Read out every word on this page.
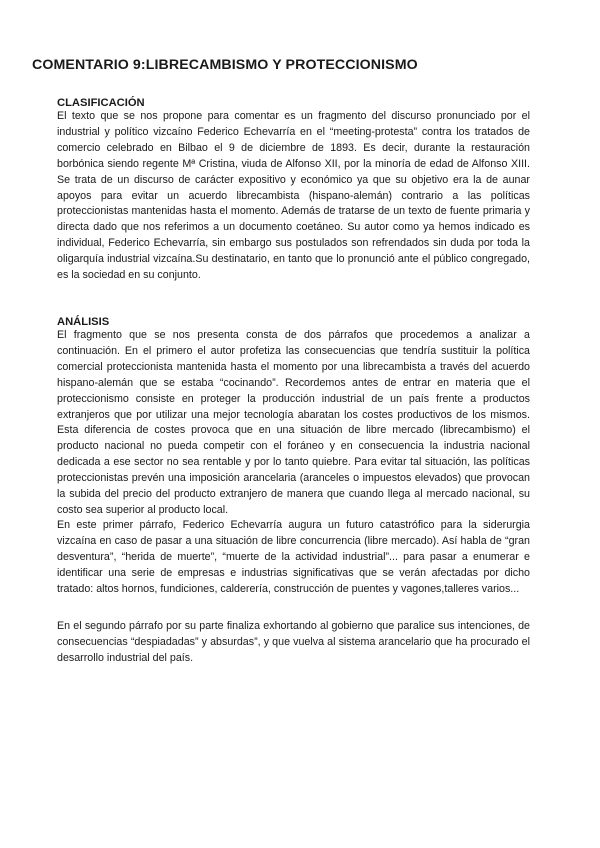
COMENTARIO 9:LIBRECAMBISMO Y PROTECCIONISMO
CLASIFICACIÓN

El texto que se nos propone para comentar es un fragmento del discurso pronunciado por el industrial y político vizcaíno Federico Echevarría en el “meeting-protesta” contra los tratados de comercio celebrado en Bilbao el 9 de diciembre de 1893. Es decir, durante la restauración borbónica siendo regente Mª Cristina, viuda de Alfonso XII, por la minoría de edad de Alfonso XIII. Se trata de un discurso de carácter expositivo y económico ya que su objetivo era la de aunar apoyos para evitar un acuerdo librecambista (hispano-alemán) contrario a las políticas proteccionistas mantenidas hasta el momento. Además de tratarse de un texto de fuente primaria y directa dado que nos referimos a un documento coetáneo. Su autor como ya hemos indicado es individual, Federico Echevarría, sin embargo sus postulados son refrendados sin duda por toda la oligarquía industrial vizcaína.Su destinatario, en tanto que lo pronunció ante el público congregado, es la sociedad en su conjunto.

ANÁLISIS

El fragmento que se nos presenta consta de dos párrafos que procedemos a analizar a continuación. En el primero el autor profetiza las consecuencias que tendría sustituir la política comercial proteccionista mantenida hasta el momento por una librecambista a través del acuerdo hispano-alemán que se estaba “cocinando”. Recordemos antes de entrar en materia que el proteccionismo consiste en proteger la producción industrial de un país frente a productos extranjeros que por utilizar una mejor tecnología abaratan los costes productivos de los mismos. Esta diferencia de costes provoca que en una situación de libre mercado (librecambismo) el producto nacional no pueda competir con el foráneo y en consecuencia la industria nacional dedicada a ese sector no sea rentable y por lo tanto quiebre. Para evitar tal situación, las políticas proteccionistas prevén una imposición arancelaria (aranceles o impuestos elevados) que provocan la subida del precio del producto extranjero de manera que cuando llega al mercado nacional, su costo sea superior al producto local.

En este primer párrafo, Federico Echevarría augura un futuro catastrófico para la siderurgia vizcaína en caso de pasar a una situación de libre concurrencia (libre mercado). Así habla de “gran desventura”, “herida de muerte”, “muerte de la actividad industrial”... para pasar a enumerar e identificar una serie de empresas e industrias significativas que se verán afectadas por dicho tratado: altos hornos, fundiciones, calderería, construcción de puentes y vagones,talleres varios...

En el segundo párrafo por su parte finaliza exhortando al gobierno que paralice sus intenciones, de consecuencias “despiadadas” y absurdas”, y que vuelva al sistema arancelario que ha procurado el desarrollo industrial del país.
